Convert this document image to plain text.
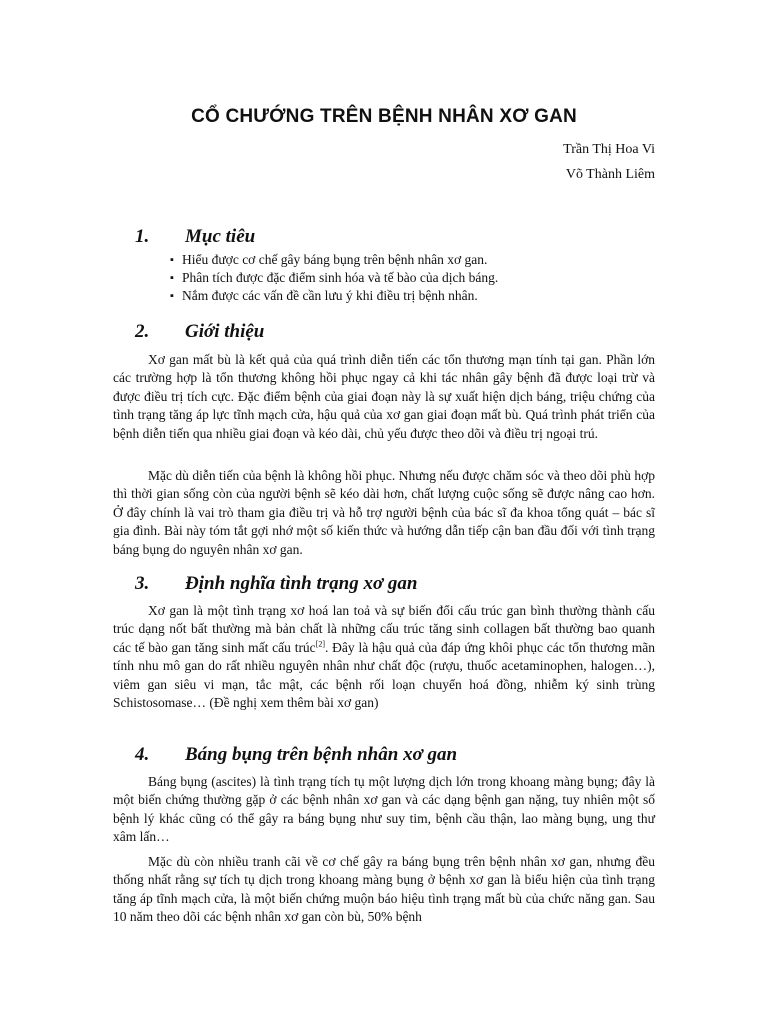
CỔ CHƯỚNG TRÊN BỆNH NHÂN XƠ GAN
Trần Thị Hoa Vi
Võ Thành Liêm
1. Mục tiêu
▪ Hiểu được cơ chế gây báng bụng trên bệnh nhân xơ gan.
▪ Phân tích được đặc điểm sinh hóa và tế bào của dịch báng.
▪ Nắm được các vấn đề cần lưu ý khi điều trị bệnh nhân.
2. Giới thiệu

Xơ gan mất bù là kết quả của quá trình diễn tiến các tổn thương mạn tính tại gan. Phần lớn các trường hợp là tổn thương không hồi phục ngay cả khi tác nhân gây bệnh đã được loại trừ và được điều trị tích cực. Đặc điểm bệnh của giai đoạn này là sự xuất hiện dịch báng, triệu chứng của tình trạng tăng áp lực tĩnh mạch cửa, hậu quả của xơ gan giai đoạn mất bù. Quá trình phát triển của bệnh diễn tiến qua nhiều giai đoạn và kéo dài, chủ yếu được theo dõi và điều trị ngoại trú.

Mặc dù diễn tiến của bệnh là không hồi phục. Nhưng nếu được chăm sóc và theo dõi phù hợp thì thời gian sống còn của người bệnh sẽ kéo dài hơn, chất lượng cuộc sống sẽ được nâng cao hơn. Ở đây chính là vai trò tham gia điều trị và hỗ trợ người bệnh của bác sĩ đa khoa tổng quát – bác sĩ gia đình. Bài này tóm tắt gợi nhớ một số kiến thức và hướng dẫn tiếp cận ban đầu đối với tình trạng báng bụng do nguyên nhân xơ gan.

3. Định nghĩa tình trạng xơ gan

Xơ gan là một tình trạng xơ hoá lan toả và sự biến đổi cấu trúc gan bình thường thành cấu trúc dạng nốt bất thường mà bản chất là những cấu trúc tăng sinh collagen bất thường bao quanh các tế bào gan tăng sinh mất cấu trúc[2]. Đây là hậu quả của đáp ứng khôi phục các tổn thương mãn tính nhu mô gan do rất nhiều nguyên nhân như chất độc (rượu, thuốc acetaminophen, halogen…), viêm gan siêu vi mạn, tắc mật, các bệnh rối loạn chuyển hoá đồng, nhiễm ký sinh trùng Schistosomase… (Đề nghị xem thêm bài xơ gan)

4. Báng bụng trên bệnh nhân xơ gan

Báng bụng (ascites) là tình trạng tích tụ một lượng dịch lớn trong khoang màng bụng; đây là một biến chứng thường gặp ở các bệnh nhân xơ gan và các dạng bệnh gan nặng, tuy nhiên một số bệnh lý khác cũng có thể gây ra báng bụng như suy tim, bệnh cầu thận, lao màng bụng, ung thư xâm lấn…

Mặc dù còn nhiều tranh cãi về cơ chế gây ra báng bụng trên bệnh nhân xơ gan, nhưng đều thống nhất rằng sự tích tụ dịch trong khoang màng bụng ở bệnh xơ gan là biểu hiện của tình trạng tăng áp tĩnh mạch cửa, là một biến chứng muộn báo hiệu tình trạng mất bù của chức năng gan. Sau 10 năm theo dõi các bệnh nhân xơ gan còn bù, 50% bệnh
